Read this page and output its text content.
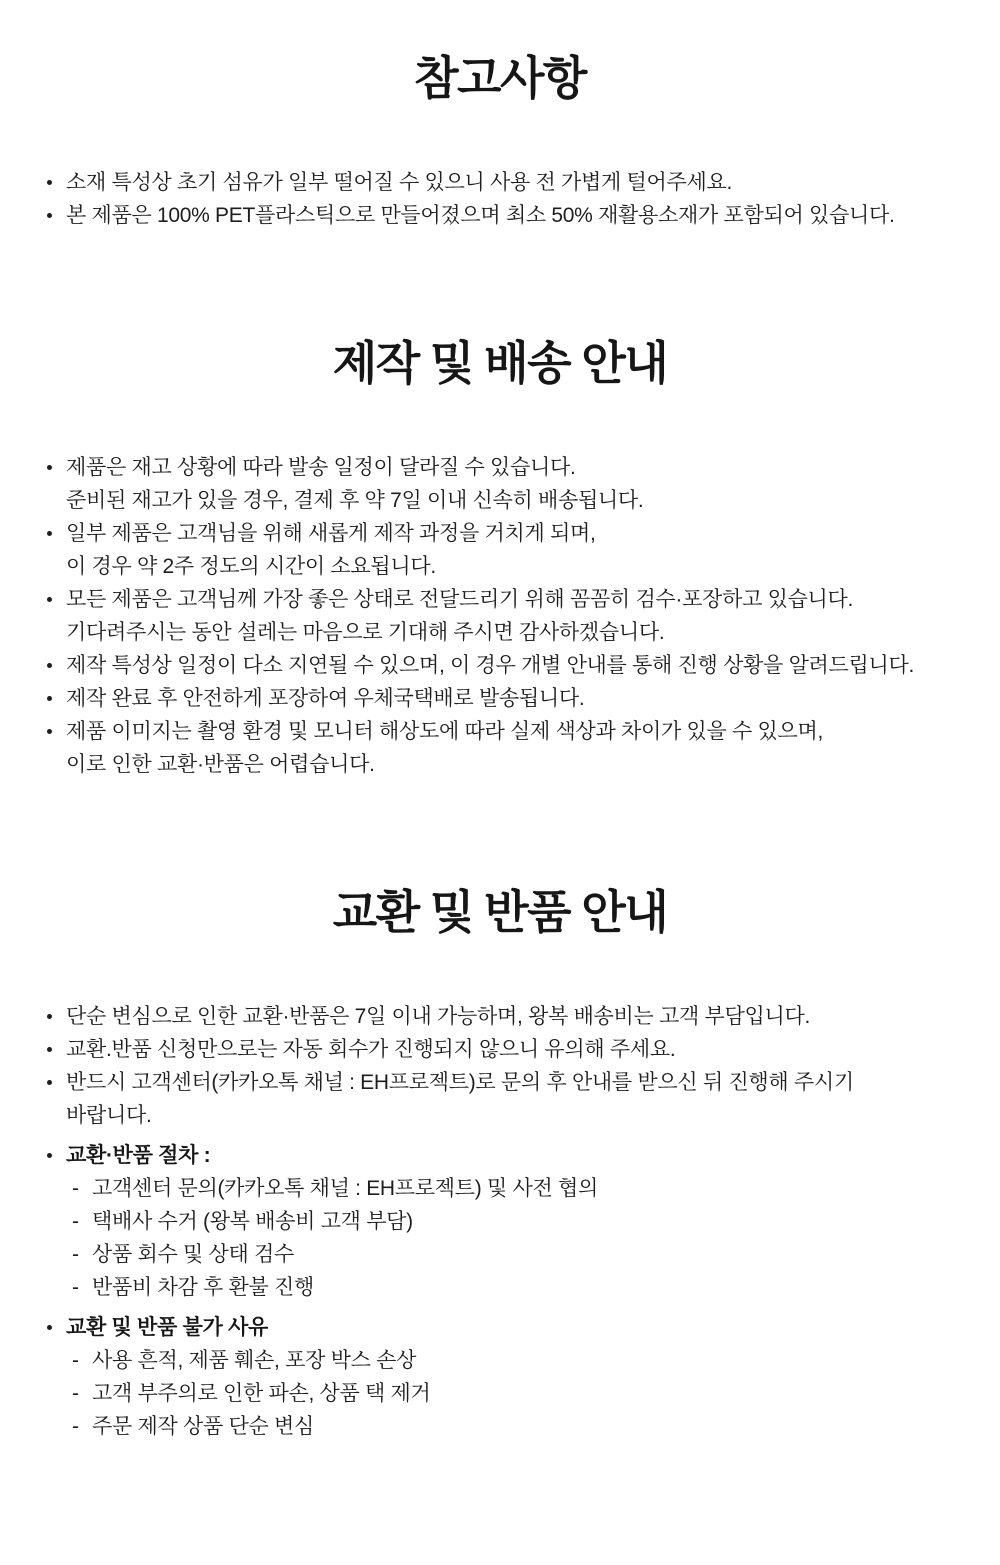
참고사항
소재 특성상 초기 섬유가 일부 떨어질 수 있으니 사용 전 가볍게 털어주세요.
본 제품은 100% PET플라스틱으로 만들어졌으며 최소 50% 재활용소재가 포함되어 있습니다.
제작 및 배송 안내
제품은 재고 상황에 따라 발송 일정이 달라질 수 있습니다.
준비된 재고가 있을 경우, 결제 후 약 7일 이내 신속히 배송됩니다.
일부 제품은 고객님을 위해 새롭게 제작 과정을 거치게 되며,
이 경우 약 2주 정도의 시간이 소요됩니다.
모든 제품은 고객님께 가장 좋은 상태로 전달드리기 위해 꼼꼼히 검수·포장하고 있습니다.
기다려주시는 동안 설레는 마음으로 기대해 주시면 감사하겠습니다.
제작 특성상 일정이 다소 지연될 수 있으며, 이 경우 개별 안내를 통해 진행 상황을 알려드립니다.
제작 완료 후 안전하게 포장하여 우체국택배로 발송됩니다.
제품 이미지는 촬영 환경 및 모니터 해상도에 따라 실제 색상과 차이가 있을 수 있으며,
이로 인한 교환·반품은 어렵습니다.
교환 및 반품 안내
단순 변심으로 인한 교환·반품은 7일 이내 가능하며, 왕복 배송비는 고객 부담입니다.
교환.반품 신청만으로는 자동 회수가 진행되지 않으니 유의해 주세요.
반드시 고객센터(카카오톡 채널 : EH프로젝트)로 문의 후 안내를 받으신 뒤 진행해 주시기
바랍니다.
교환·반품 절차 :
- 고객센터 문의(카카오톡 채널 : EH프로젝트) 및 사전 협의
- 택배사 수거 (왕복 배송비 고객 부담)
- 상품 회수 및 상태 검수
- 반품비 차감 후 환불 진행
교환 및 반품 불가 사유
- 사용 흔적, 제품 훼손, 포장 박스 손상
- 고객 부주의로 인한 파손, 상품 택 제거
- 주문 제작 상품 단순 변심
